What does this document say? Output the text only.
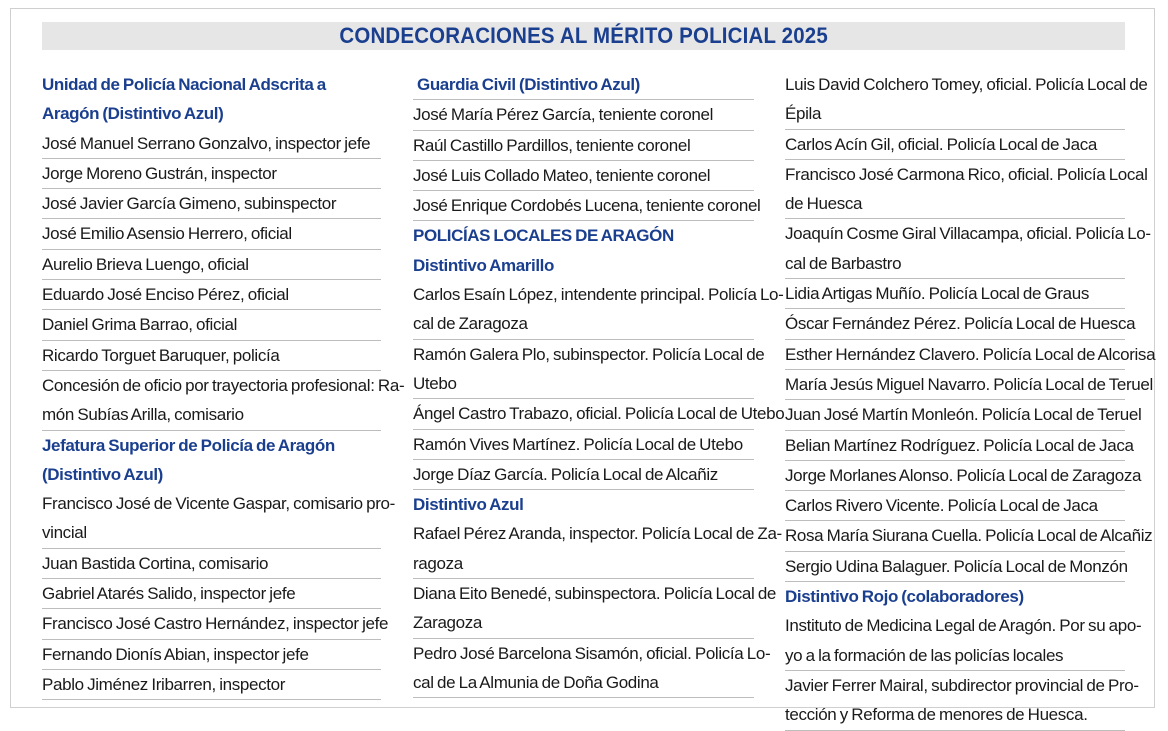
CONDECORACIONES AL MÉRITO POLICIAL 2025
Unidad de Policía Nacional Adscrita a
Aragón (Distintivo Azul)
José Manuel Serrano Gonzalvo, inspector jefe
Jorge Moreno Gustrán, inspector
José Javier García Gimeno, subinspector
José Emilio Asensio Herrero, oficial
Aurelio Brieva Luengo, oficial
Eduardo José Enciso Pérez, oficial
Daniel Grima Barrao, oficial
Ricardo Torguet Baruquer, policía
Concesión de oficio por trayectoria profesional: Ra-
món Subías Arilla, comisario
Jefatura Superior de Policía de Aragón
(Distintivo Azul)
Francisco José de Vicente Gaspar, comisario pro-
vincial
Juan Bastida Cortina, comisario
Gabriel Atarés Salido, inspector jefe
Francisco José Castro Hernández, inspector jefe
Fernando Dionís Abian, inspector jefe
Pablo Jiménez Iribarren, inspector
Guardia Civil (Distintivo Azul)
José María Pérez García, teniente coronel
Raúl Castillo Pardillos, teniente coronel
José Luis Collado Mateo, teniente coronel
José Enrique Cordobés Lucena, teniente coronel
POLICÍAS LOCALES DE ARAGÓN
Distintivo Amarillo
Carlos Esaín López, intendente principal. Policía Lo-
cal de Zaragoza
Ramón Galera Plo, subinspector. Policía Local de
Utebo
Ángel Castro Trabazo, oficial. Policía Local de Utebo
Ramón Vives Martínez. Policía Local de Utebo
Jorge Díaz García. Policía Local de Alcañiz
Distintivo Azul
Rafael Pérez Aranda, inspector. Policía Local de Za-
ragoza
Diana Eito Benedé, subinspectora. Policía Local de
Zaragoza
Pedro José Barcelona Sisamón, oficial. Policía Lo-
cal de La Almunia de Doña Godina
Luis David Colchero Tomey, oficial. Policía Local de
Épila
Carlos Acín Gil, oficial. Policía Local de Jaca
Francisco José Carmona Rico, oficial. Policía Local
de Huesca
Joaquín Cosme Giral Villacampa, oficial. Policía Lo-
cal de Barbastro
Lidia Artigas Muñío. Policía Local de Graus
Óscar Fernández Pérez. Policía Local de Huesca
Esther Hernández Clavero. Policía Local de Alcorisa
María Jesús Miguel Navarro. Policía Local de Teruel
Juan José Martín Monleón. Policía Local de Teruel
Belian Martínez Rodríguez. Policía Local de Jaca
Jorge Morlanes Alonso. Policía Local de Zaragoza
Carlos Rivero Vicente. Policía Local de Jaca
Rosa María Siurana Cuella. Policía Local de Alcañiz
Sergio Udina Balaguer. Policía Local de Monzón
Distintivo Rojo (colaboradores)
Instituto de Medicina Legal de Aragón. Por su apo-
yo a la formación de las policías locales
Javier Ferrer Mairal, subdirector provincial de Pro-
tección y Reforma de menores de Huesca.
